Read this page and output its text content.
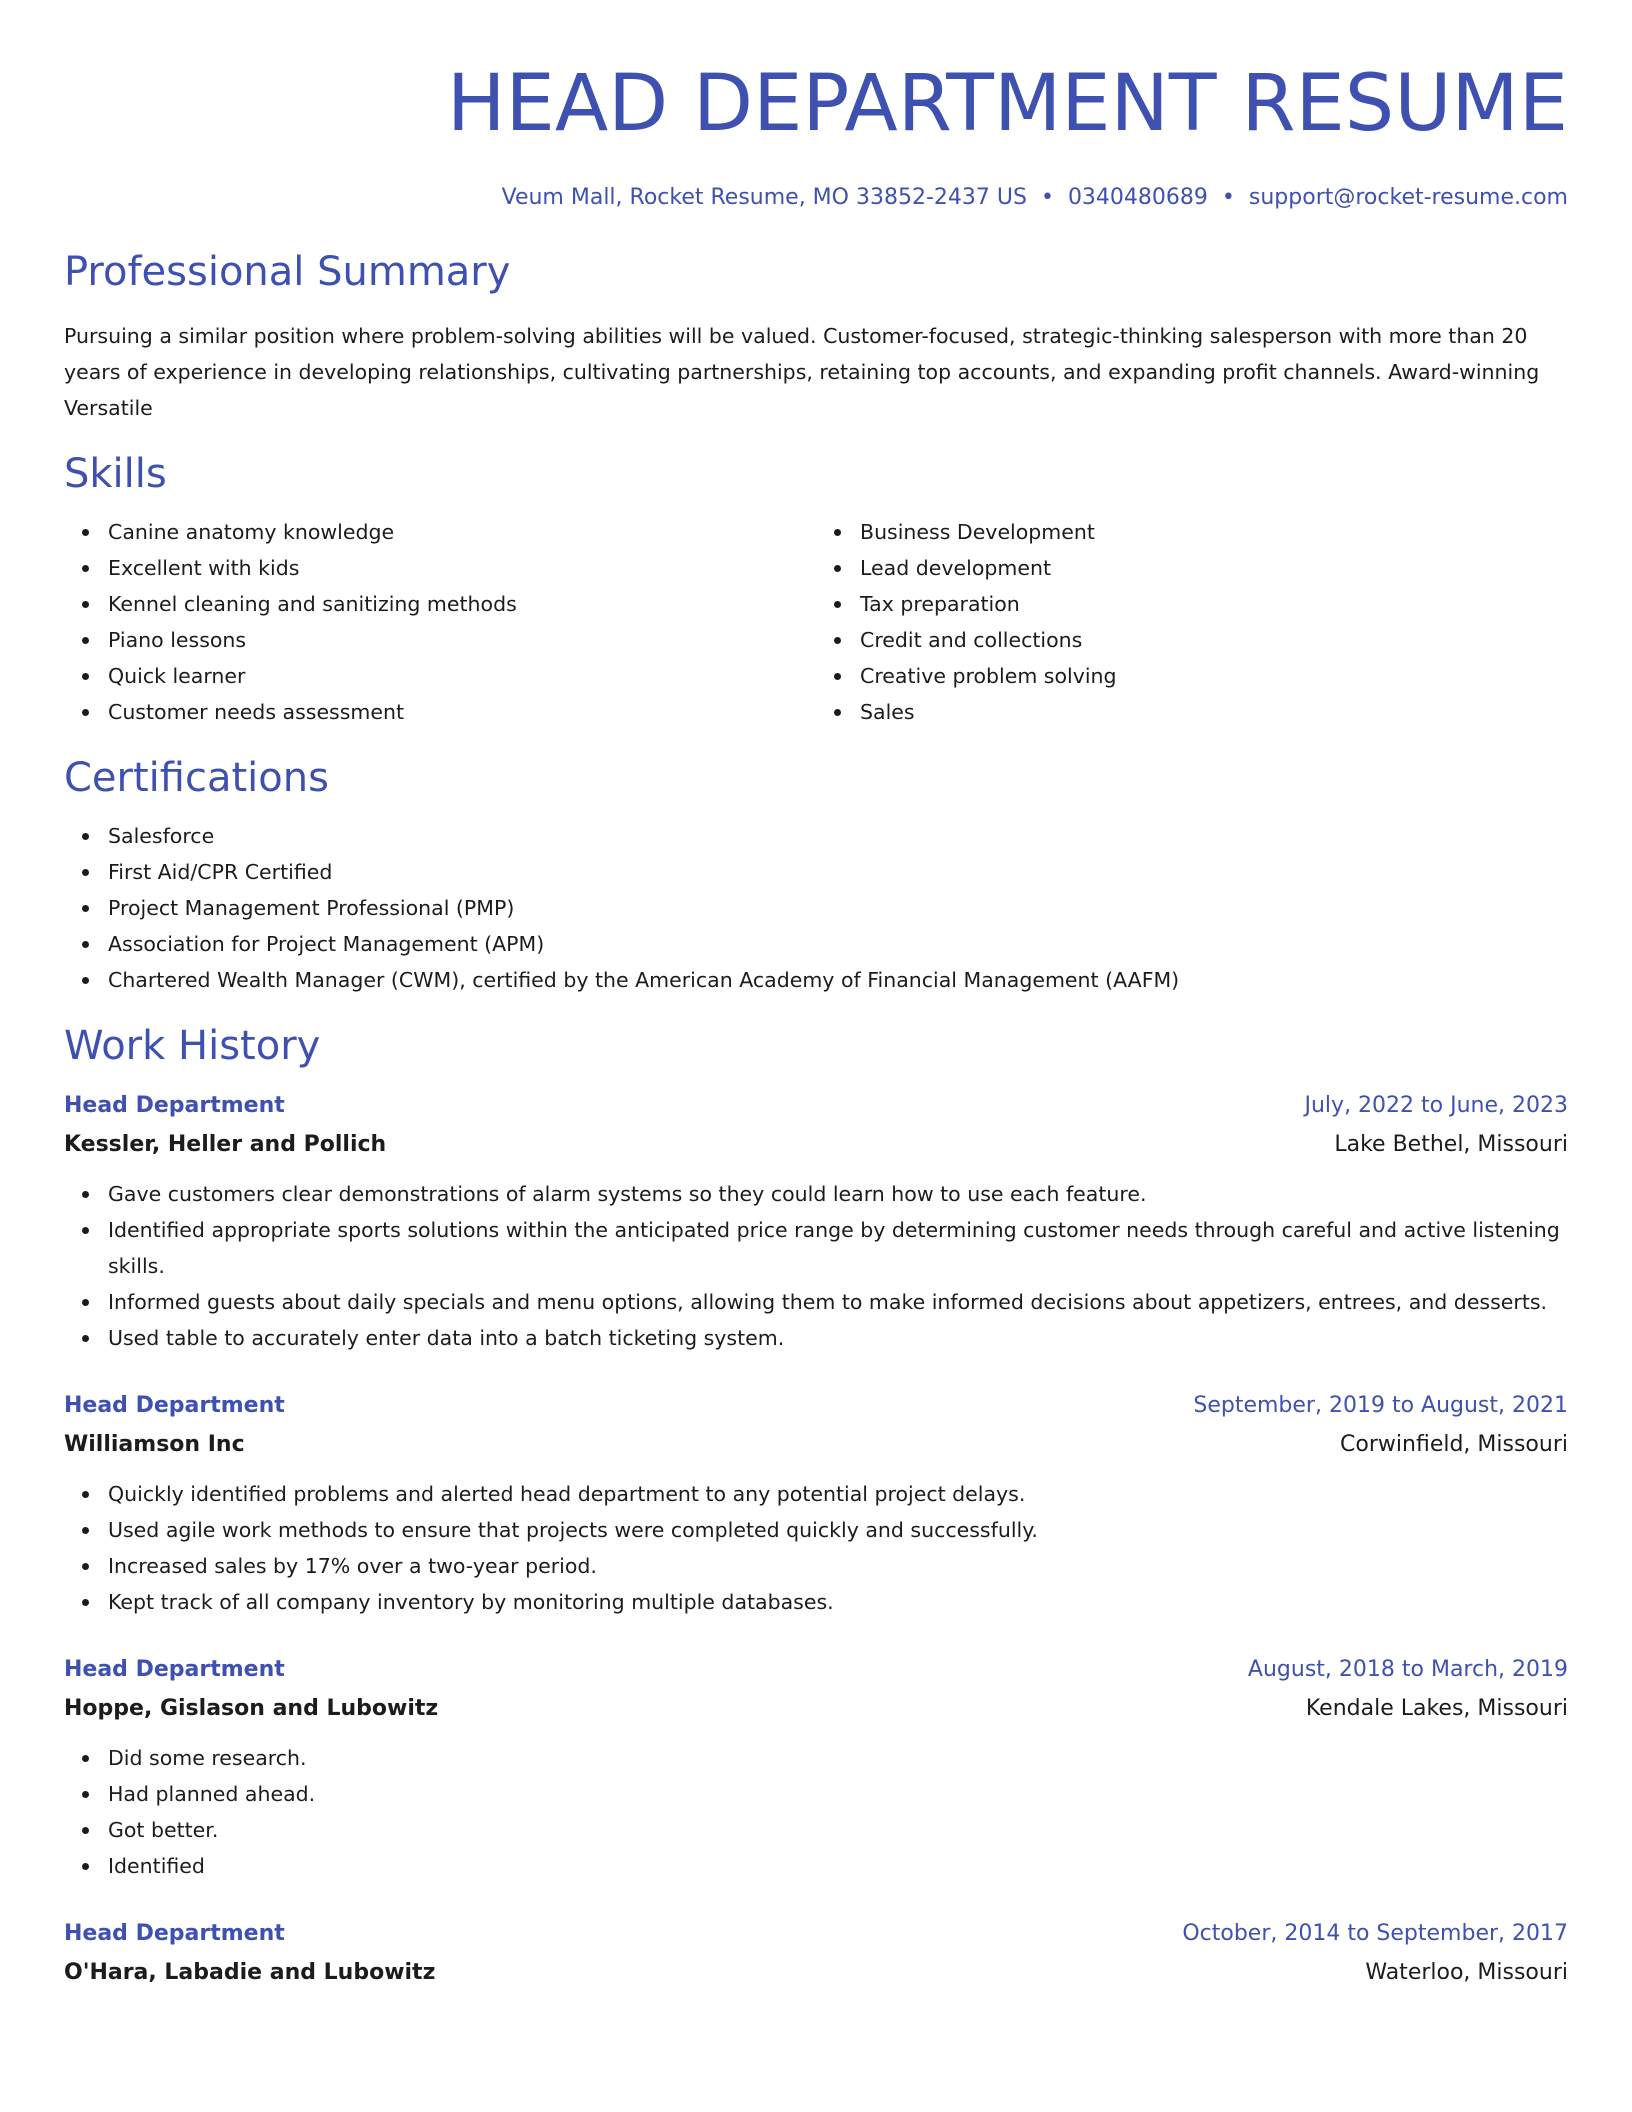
HEAD DEPARTMENT RESUME
Veum Mall, Rocket Resume, MO 33852-2437 US • 0340480689 • support@rocket-resume.com
Professional Summary

Pursuing a similar position where problem-solving abilities will be valued. Customer-focused, strategic-thinking salesperson with more than 20 years of experience in developing relationships, cultivating partnerships, retaining top accounts, and expanding profit channels. Award-winning Versatile

Skills
Canine anatomy knowledge
Excellent with kids
Kennel cleaning and sanitizing methods
Piano lessons
Quick learner
Customer needs assessment
Business Development
Lead development
Tax preparation
Credit and collections
Creative problem solving
Sales
Certifications
Salesforce
First Aid/CPR Certified
Project Management Professional (PMP)
Association for Project Management (APM)
Chartered Wealth Manager (CWM), certified by the American Academy of Financial Management (AAFM)
Work History
Head Department	July, 2022 to June, 2023
Kessler, Heller and Pollich	Lake Bethel, Missouri
Gave customers clear demonstrations of alarm systems so they could learn how to use each feature.
Identified appropriate sports solutions within the anticipated price range by determining customer needs through careful and active listening skills.
Informed guests about daily specials and menu options, allowing them to make informed decisions about appetizers, entrees, and desserts.
Used table to accurately enter data into a batch ticketing system.
Head Department	September, 2019 to August, 2021
Williamson Inc	Corwinfield, Missouri
Quickly identified problems and alerted head department to any potential project delays.
Used agile work methods to ensure that projects were completed quickly and successfully.
Increased sales by 17% over a two-year period.
Kept track of all company inventory by monitoring multiple databases.
Head Department	August, 2018 to March, 2019
Hoppe, Gislason and Lubowitz	Kendale Lakes, Missouri
Did some research.
Had planned ahead.
Got better.
Identified
Head Department	October, 2014 to September, 2017
O'Hara, Labadie and Lubowitz	Waterloo, Missouri
